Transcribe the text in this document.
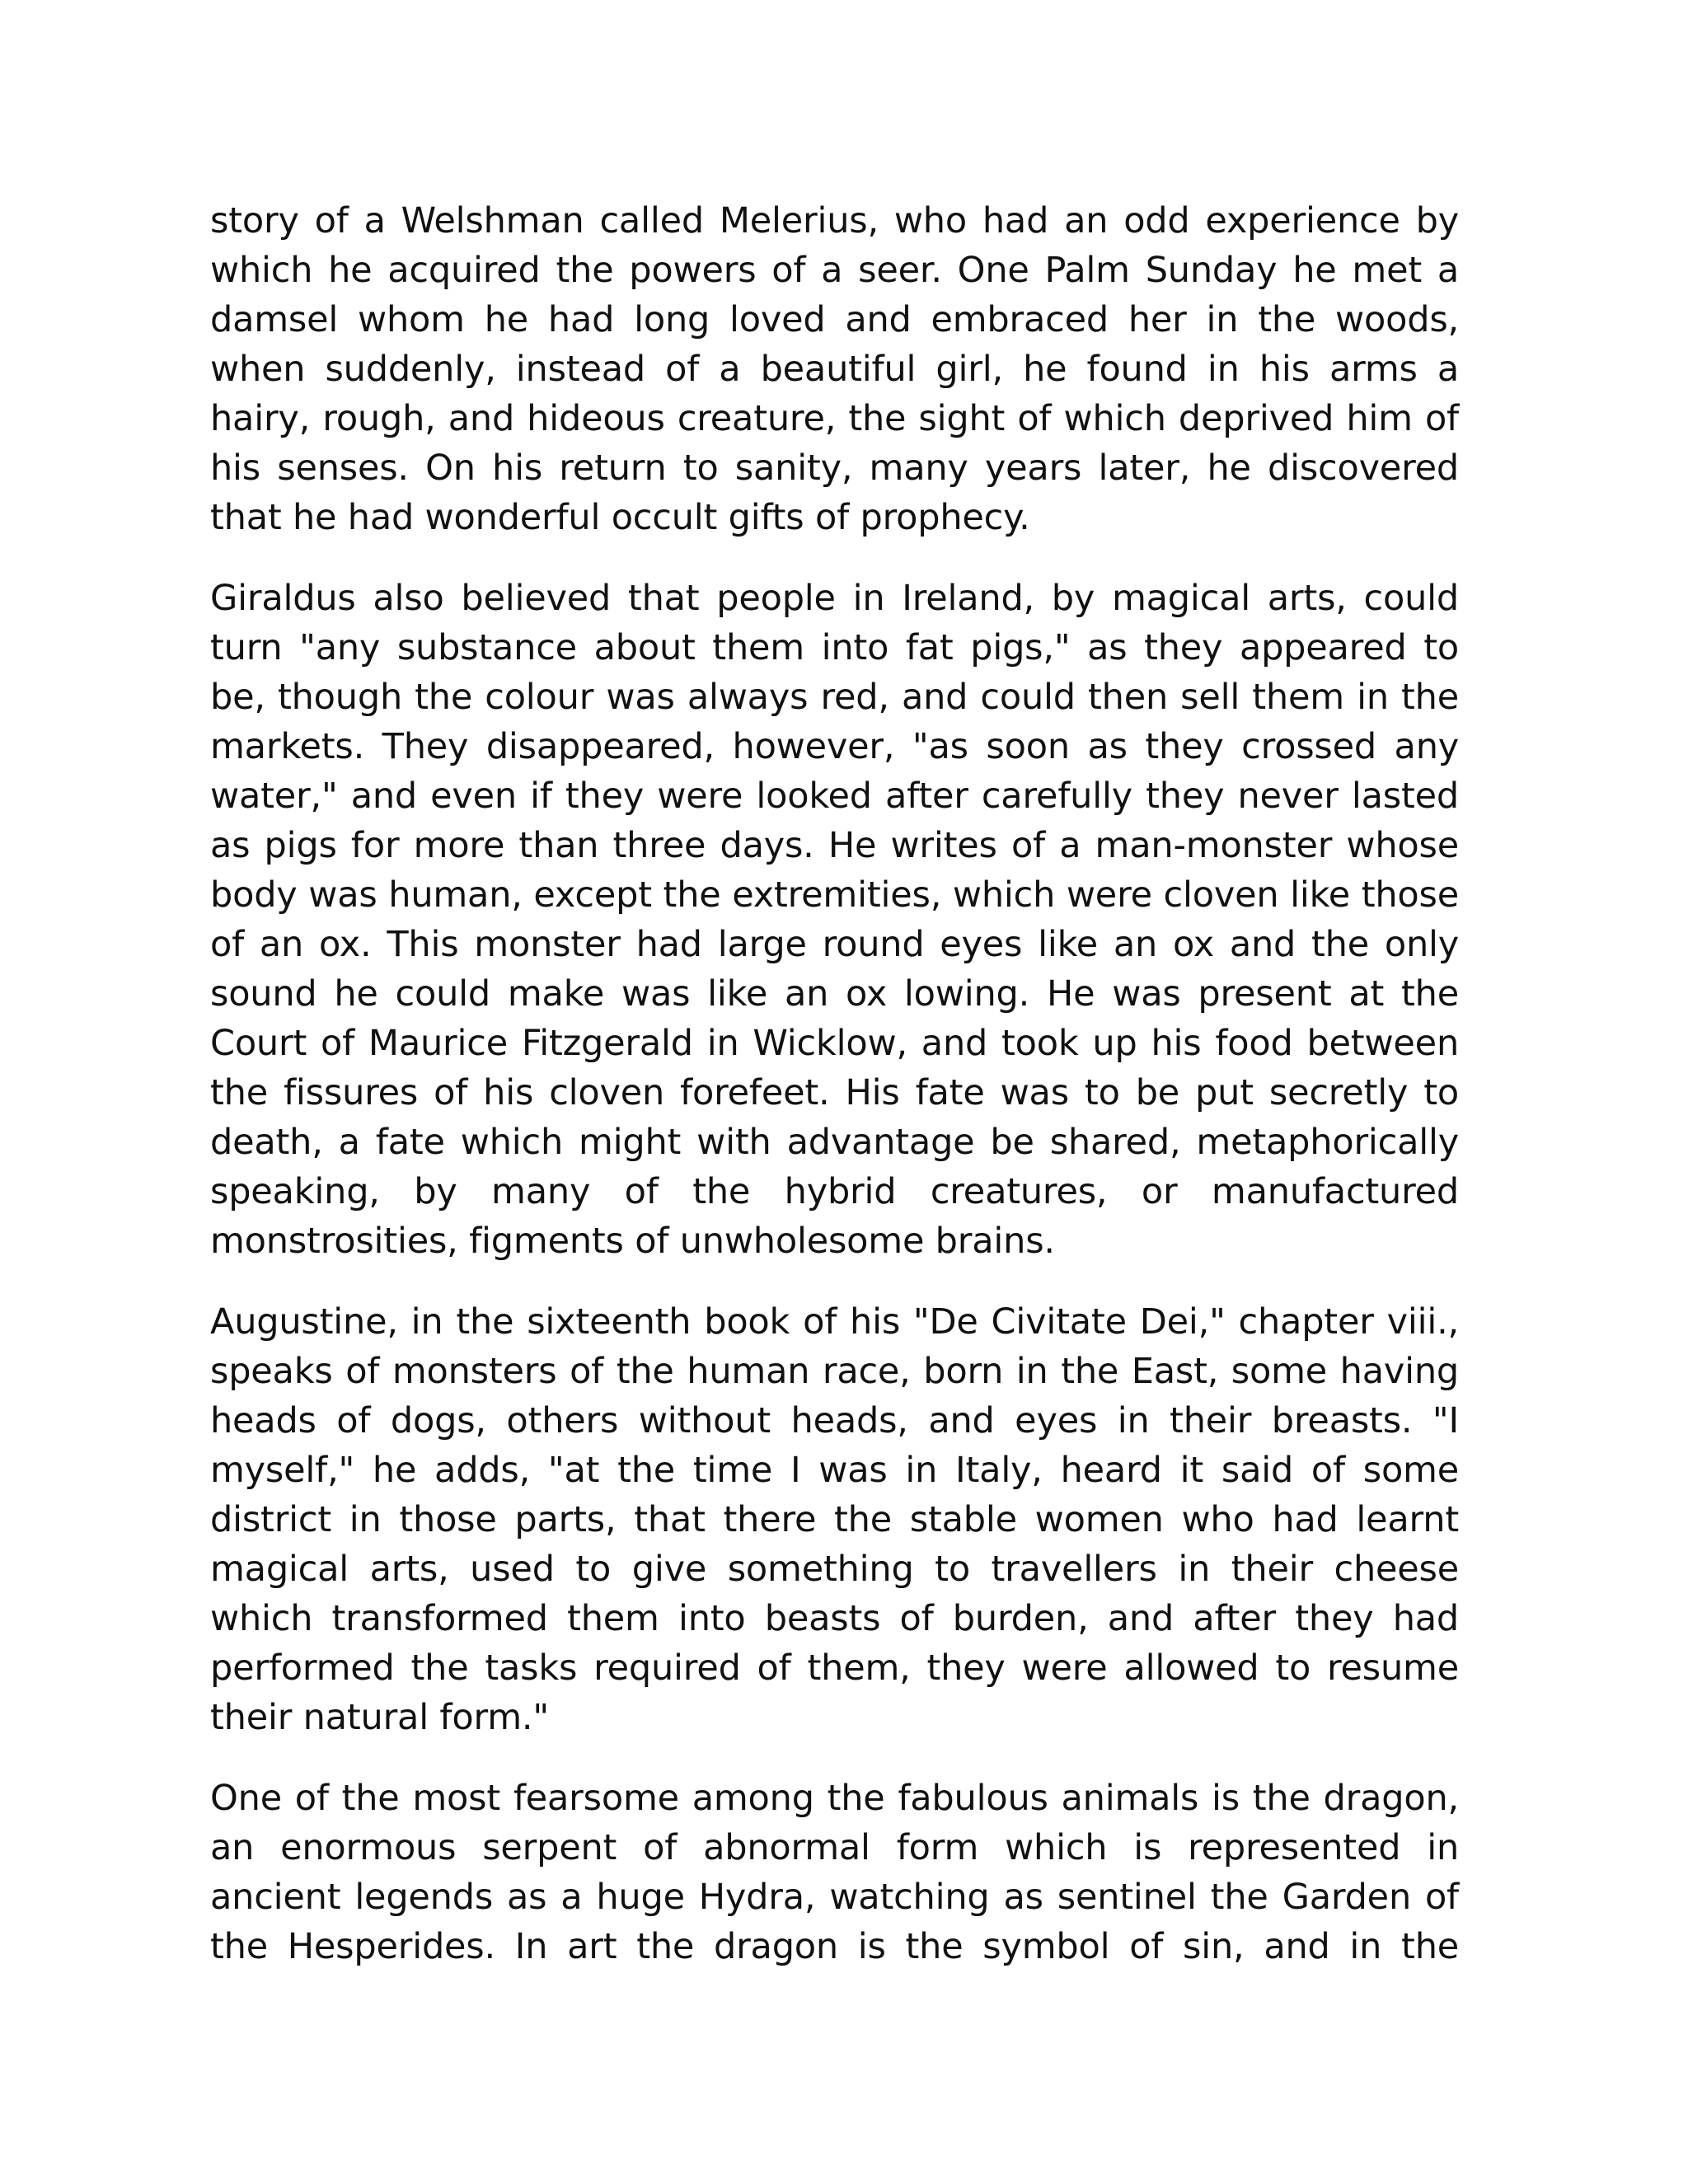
story of a Welshman called Melerius, who had an odd experience by which he acquired the powers of a seer. One Palm Sunday he met a damsel whom he had long loved and embraced her in the woods, when suddenly, instead of a beautiful girl, he found in his arms a hairy, rough, and hideous creature, the sight of which deprived him of his senses. On his return to sanity, many years later, he discovered that he had wonderful occult gifts of prophecy.

Giraldus also believed that people in Ireland, by magical arts, could turn "any substance about them into fat pigs," as they appeared to be, though the colour was always red, and could then sell them in the markets. They disappeared, however, "as soon as they crossed any water," and even if they were looked after carefully they never lasted as pigs for more than three days. He writes of a man-monster whose body was human, except the extremities, which were cloven like those of an ox. This monster had large round eyes like an ox and the only sound he could make was like an ox lowing. He was present at the Court of Maurice Fitzgerald in Wicklow, and took up his food between the fissures of his cloven forefeet. His fate was to be put secretly to death, a fate which might with advantage be shared, metaphorically speaking, by many of the hybrid creatures, or manufactured monstrosities, figments of unwholesome brains.

Augustine, in the sixteenth book of his "De Civitate Dei," chapter viii., speaks of monsters of the human race, born in the East, some having heads of dogs, others without heads, and eyes in their breasts. "I myself," he adds, "at the time I was in Italy, heard it said of some district in those parts, that there the stable women who had learnt magical arts, used to give something to travellers in their cheese which transformed them into beasts of burden, and after they had performed the tasks required of them, they were allowed to resume their natural form."

One of the most fearsome among the fabulous animals is the dragon, an enormous serpent of abnormal form which is represented in ancient legends as a huge Hydra, watching as sentinel the Garden of the Hesperides. In art the dragon is the symbol of sin, and in the
